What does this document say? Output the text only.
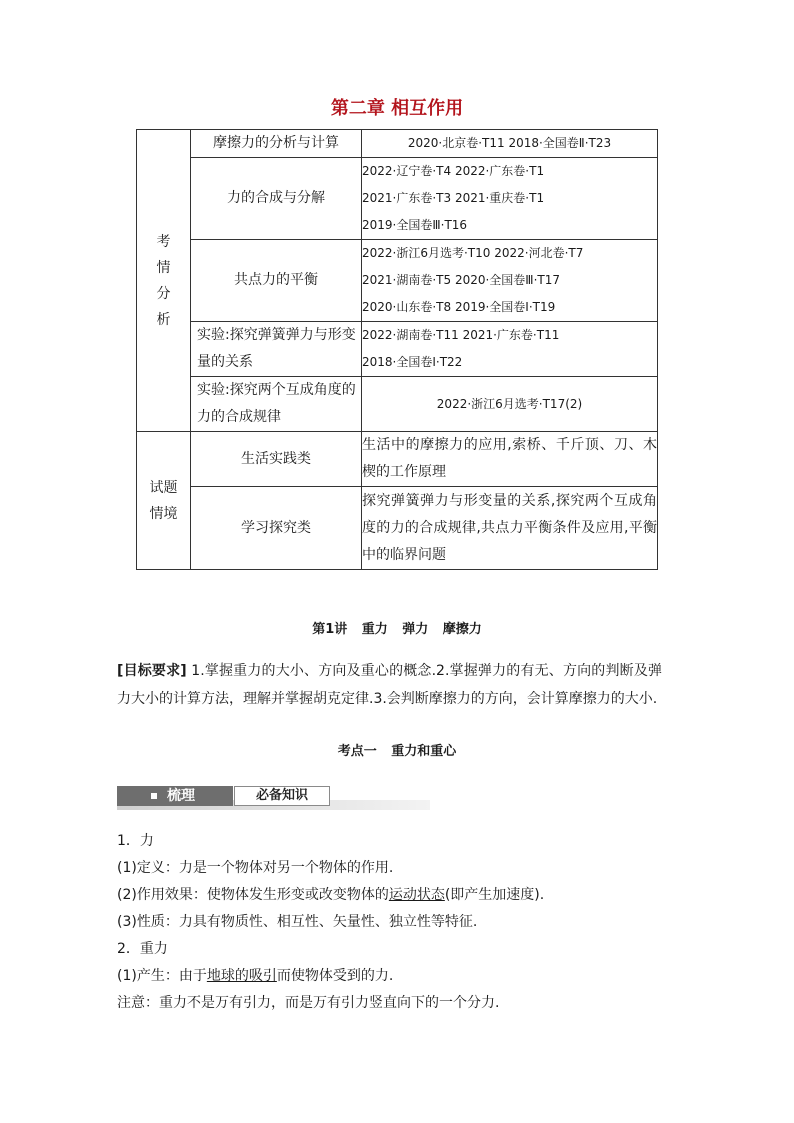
第二章 相互作用
考
情
分
析	摩擦力的分析与计算	2020·北京卷·T11 2018·全国卷Ⅱ·T23
	力的合成与分解	2022·辽宁卷·T4 2022·广东卷·T1
2021·广东卷·T3 2021·重庆卷·T1
2019·全国卷Ⅲ·T16

	共点力的平衡	2022·浙江6月选考·T10 2022·河北卷·T7
2021·湖南卷·T5 2020·全国卷Ⅲ·T17
2020·山东卷·T8 2019·全国卷Ⅰ·T19

	实验:探究弹簧弹力与形变量的关系	2022·湖南卷·T11 2021·广东卷·T11
2018·全国卷Ⅰ·T22

	实验:探究两个互成角度的力的合成规律	2022·浙江6月选考·T17(2)

试题
情境	生活实践类	生活中的摩擦力的应用,索桥、千斤顶、刀、木楔的工作原理
	学习探究类	探究弹簧弹力与形变量的关系,探究两个互成角度的力的合成规律,共点力平衡条件及应用,平衡中的临界问题
第1讲 重力 弹力 摩擦力
[目标要求] 1.掌握重力的大小、方向及重心的概念.2.掌握弹力的有无、方向的判断及弹力大小的计算方法，理解并掌握胡克定律.3.会判断摩擦力的方向，会计算摩擦力的大小.
考点一 重力和重心
梳理	必备知识
1．力
(1)定义：力是一个物体对另一个物体的作用.
(2)作用效果：使物体发生形变或改变物体的运动状态(即产生加速度).
(3)性质：力具有物质性、相互性、矢量性、独立性等特征.
2．重力
(1)产生：由于地球的吸引而使物体受到的力.
注意：重力不是万有引力，而是万有引力竖直向下的一个分力.
